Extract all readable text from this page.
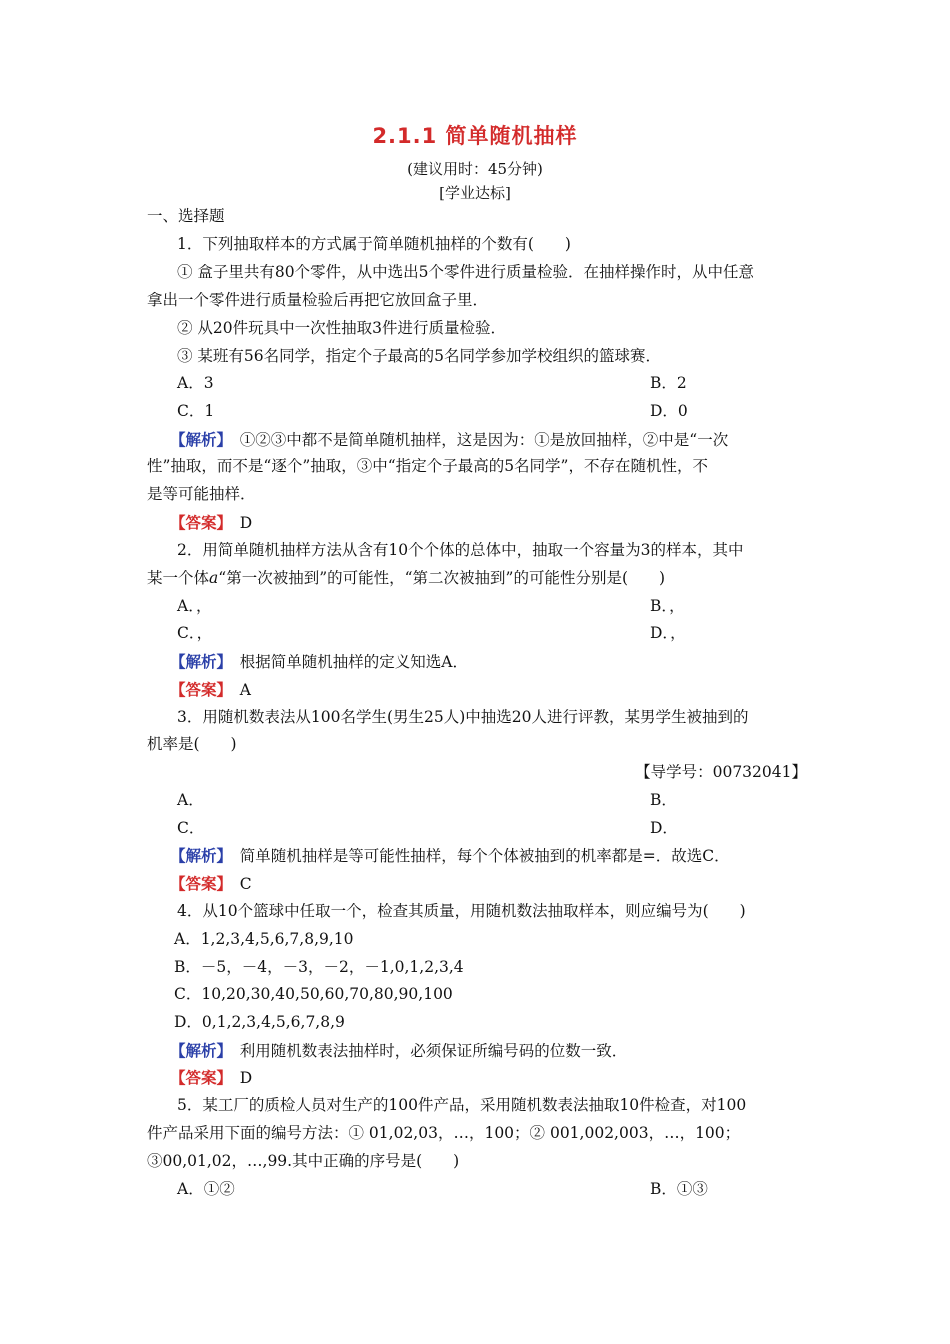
2.1.1 简单随机抽样
(建议用时：45分钟)
[学业达标]
一、选择题
1．下列抽取样本的方式属于简单随机抽样的个数有(　　)
① 盒子里共有80个零件，从中选出5个零件进行质量检验．在抽样操作时，从中任意
拿出一个零件进行质量检验后再把它放回盒子里．
② 从20件玩具中一次性抽取3件进行质量检验．
③ 某班有56名同学，指定个子最高的5名同学参加学校组织的篮球赛．
A．3	B．2
C．1	D．0
【解析】　①②③中都不是简单随机抽样，这是因为：①是放回抽样，②中是“一次
性”抽取，而不是“逐个”抽取，③中“指定个子最高的5名同学”，不存在随机性，不
是等可能抽样．
【答案】　D
2．用简单随机抽样方法从含有10个个体的总体中，抽取一个容量为3的样本，其中
某一个体a“第一次被抽到”的可能性，“第二次被抽到”的可能性分别是(　　)
A．，	B．，
C．，	D．，
【解析】　根据简单随机抽样的定义知选A．
【答案】　A
3．用随机数表法从100名学生(男生25人)中抽选20人进行评教，某男学生被抽到的
机率是(　　)
【导学号：00732041】
A．	B．
C．	D．
【解析】　简单随机抽样是等可能性抽样，每个个体被抽到的机率都是=．故选C．
【答案】　C
4．从10个篮球中任取一个，检查其质量，用随机数法抽取样本，则应编号为(　　)
A．1,2,3,4,5,6,7,8,9,10
B．－5，－4，－3，－2，－1,0,1,2,3,4
C．10,20,30,40,50,60,70,80,90,100
D．0,1,2,3,4,5,6,7,8,9
【解析】　利用随机数表法抽样时，必须保证所编号码的位数一致．
【答案】　D
5．某工厂的质检人员对生产的100件产品，采用随机数表法抽取10件检查，对100
件产品采用下面的编号方法：① 01,02,03，…，100；② 001,002,003，…，100；
③00,01,02，…,99.其中正确的序号是(　　)
A．①②	B．①③
